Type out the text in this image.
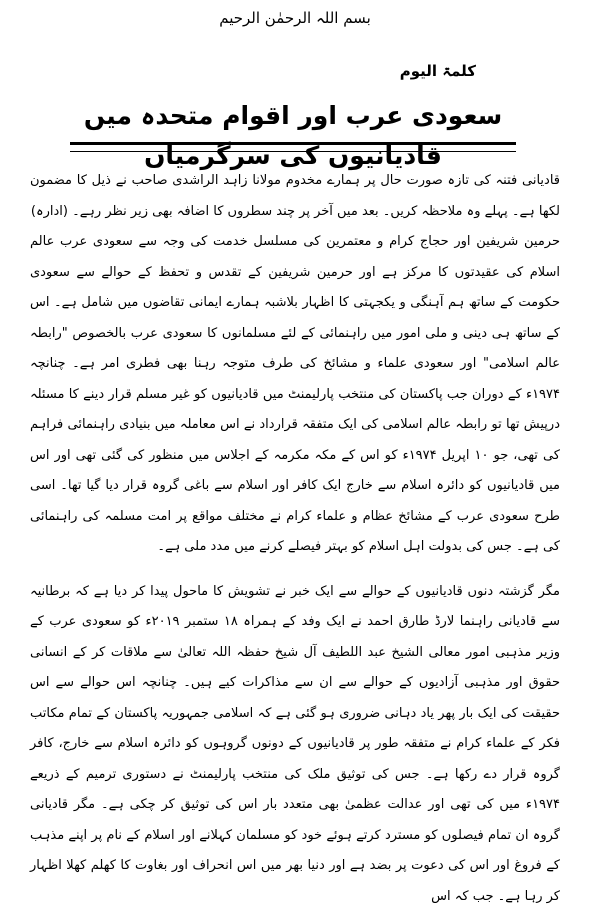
بسم اللہ الرحمٰن الرحیم
کلمۃ الیوم
سعودی عرب اور اقوام متحدہ میں قادیانیوں کی سرگرمیاں

قادیانی فتنہ کی تازہ صورت حال پر ہمارے مخدوم مولانا زاہد الراشدی صاحب نے ذیل کا مضمون لکھا ہے۔ پہلے وہ ملاحظہ کریں۔ بعد میں آخر پر چند سطروں کا اضافہ بھی زیر نظر رہے۔ (ادارہ)

حرمین شریفین اور حجاج کرام و معتمرین کی مسلسل خدمت کی وجہ سے سعودی عرب عالم اسلام کی عقیدتوں کا مرکز ہے اور حرمین شریفین کے تقدس و تحفظ کے حوالے سے سعودی حکومت کے ساتھ ہم آہنگی و یکجہتی کا اظہار بلاشبہ ہمارے ایمانی تقاضوں میں شامل ہے۔ اس کے ساتھ ہی دینی و ملی امور میں راہنمائی کے لئے مسلمانوں کا سعودی عرب بالخصوص "رابطہ عالم اسلامی" اور سعودی علماء و مشائخ کی طرف متوجہ رہنا بھی فطری امر ہے۔ چنانچہ ۱۹۷۴ء کے دوران جب پاکستان کی منتخب پارلیمنٹ میں قادیانیوں کو غیر مسلم قرار دینے کا مسئلہ درپیش تھا تو رابطہ عالم اسلامی کی ایک متفقہ قرارداد نے اس معاملہ میں بنیادی راہنمائی فراہم کی تھی، جو ۱۰ اپریل ۱۹۷۴ء کو اس کے مکہ مکرمہ کے اجلاس میں منظور کی گئی تھی اور اس میں قادیانیوں کو دائرہ اسلام سے خارج ایک کافر اور اسلام سے باغی گروہ قرار دیا گیا تھا۔ اسی طرح سعودی عرب کے مشائخ عظام و علماء کرام نے مختلف مواقع پر امت مسلمہ کی راہنمائی کی ہے۔ جس کی بدولت اہل اسلام کو بہتر فیصلے کرنے میں مدد ملی ہے۔

مگر گزشتہ دنوں قادیانیوں کے حوالے سے ایک خبر نے تشویش کا ماحول پیدا کر دیا ہے کہ برطانیہ سے قادیانی راہنما لارڈ طارق احمد نے ایک وفد کے ہمراہ ۱۸ ستمبر ۲۰۱۹ء کو سعودی عرب کے وزیر مذہبی امور معالی الشیخ عبد اللطیف آل شیخ حفظہ اللہ تعالیٰ سے ملاقات کر کے انسانی حقوق اور مذہبی آزادیوں کے حوالے سے ان سے مذاکرات کیے ہیں۔ چنانچہ اس حوالے سے اس حقیقت کی ایک بار پھر یاد دہانی ضروری ہو گئی ہے کہ اسلامی جمہوریہ پاکستان کے تمام مکاتب فکر کے علماء کرام نے متفقہ طور پر قادیانیوں کے دونوں گروہوں کو دائرہ اسلام سے خارج، کافر گروہ قرار دے رکھا ہے۔ جس کی توثیق ملک کی منتخب پارلیمنٹ نے دستوری ترمیم کے ذریعے ۱۹۷۴ء میں کی تھی اور عدالت عظمیٰ بھی متعدد بار اس کی توثیق کر چکی ہے۔ مگر قادیانی گروہ ان تمام فیصلوں کو مسترد کرتے ہوئے خود کو مسلمان کہلانے اور اسلام کے نام پر اپنے مذہب کے فروغ اور اس کی دعوت پر بضد ہے اور دنیا بھر میں اس انحراف اور بغاوت کا کھلم کھلا اظہار کر رہا ہے۔ جب کہ اس
